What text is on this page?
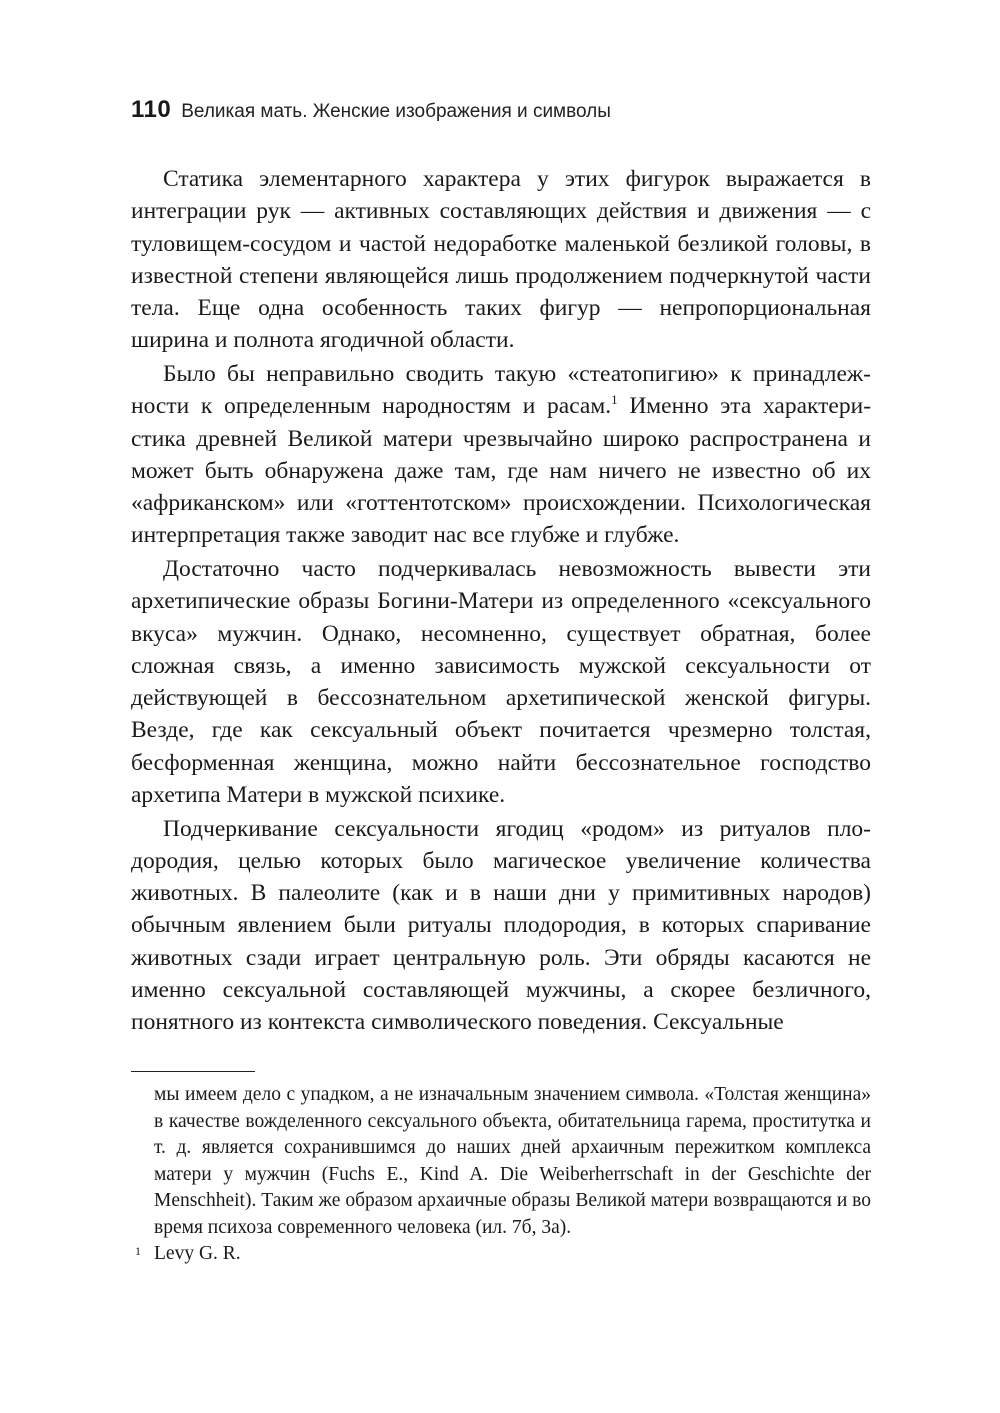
110 Великая мать. Женские изображения и символы

Статика элементарного характера у этих фигурок выражается в интеграции рук — активных составляющих действия и движения — с туловищем-сосудом и частой недоработке маленькой безликой головы, в известной степени являющейся лишь продолжением подчеркнутой части тела. Еще одна особенность таких фигур — непропорциональная ширина и полнота ягодичной области.

Было бы неправильно сводить такую «стеатопигию» к принадлежности к определенным народностям и расам.$^1$ Именно эта характеристика древней Великой матери чрезвычайно широко распространена и может быть обнаружена даже там, где нам ничего не известно об их «африканском» или «готтентотском» происхождении. Психологическая интерпретация также заводит нас все глубже и глубже.

Достаточно часто подчеркивалась невозможность вывести эти архетипические образы Богини-Матери из определенного «сексуального вкуса» мужчин. Однако, несомненно, существует обратная, более сложная связь, а именно зависимость мужской сексуальности от действующей в бессознательном архетипической женской фигуры. Везде, где как сексуальный объект почитается чрезмерно толстая, бесформенная женщина, можно найти бессознательное господство архетипа Матери в мужской психике.

Подчеркивание сексуальности ягодиц «родом» из ритуалов плодородия, целью которых было магическое увеличение количества животных. В палеолите (как и в наши дни у примитивных народов) обычным явлением были ритуалы плодородия, в которых спаривание животных сзади играет центральную роль. Эти обряды касаются не именно сексуальной составляющей мужчины, а скорее безличного, понятного из контекста символического поведения. Сексуальные

мы имеем дело с упадком, а не изначальным значением символа. «Толстая женщина» в качестве вожделенного сексуального объекта, обитательница гарема, проститутка и т. д. является сохранившимся до наших дней архаичным пережитком комплекса матери у мужчин (Fuchs E., Kind A. Die Weiberherrschaft in der Geschichte der Menschheit). Таким же образом архаичные образы Великой матери возвращаются и во время психоза современного человека (ил. 7б, 3а).

1 Levy G. R.
